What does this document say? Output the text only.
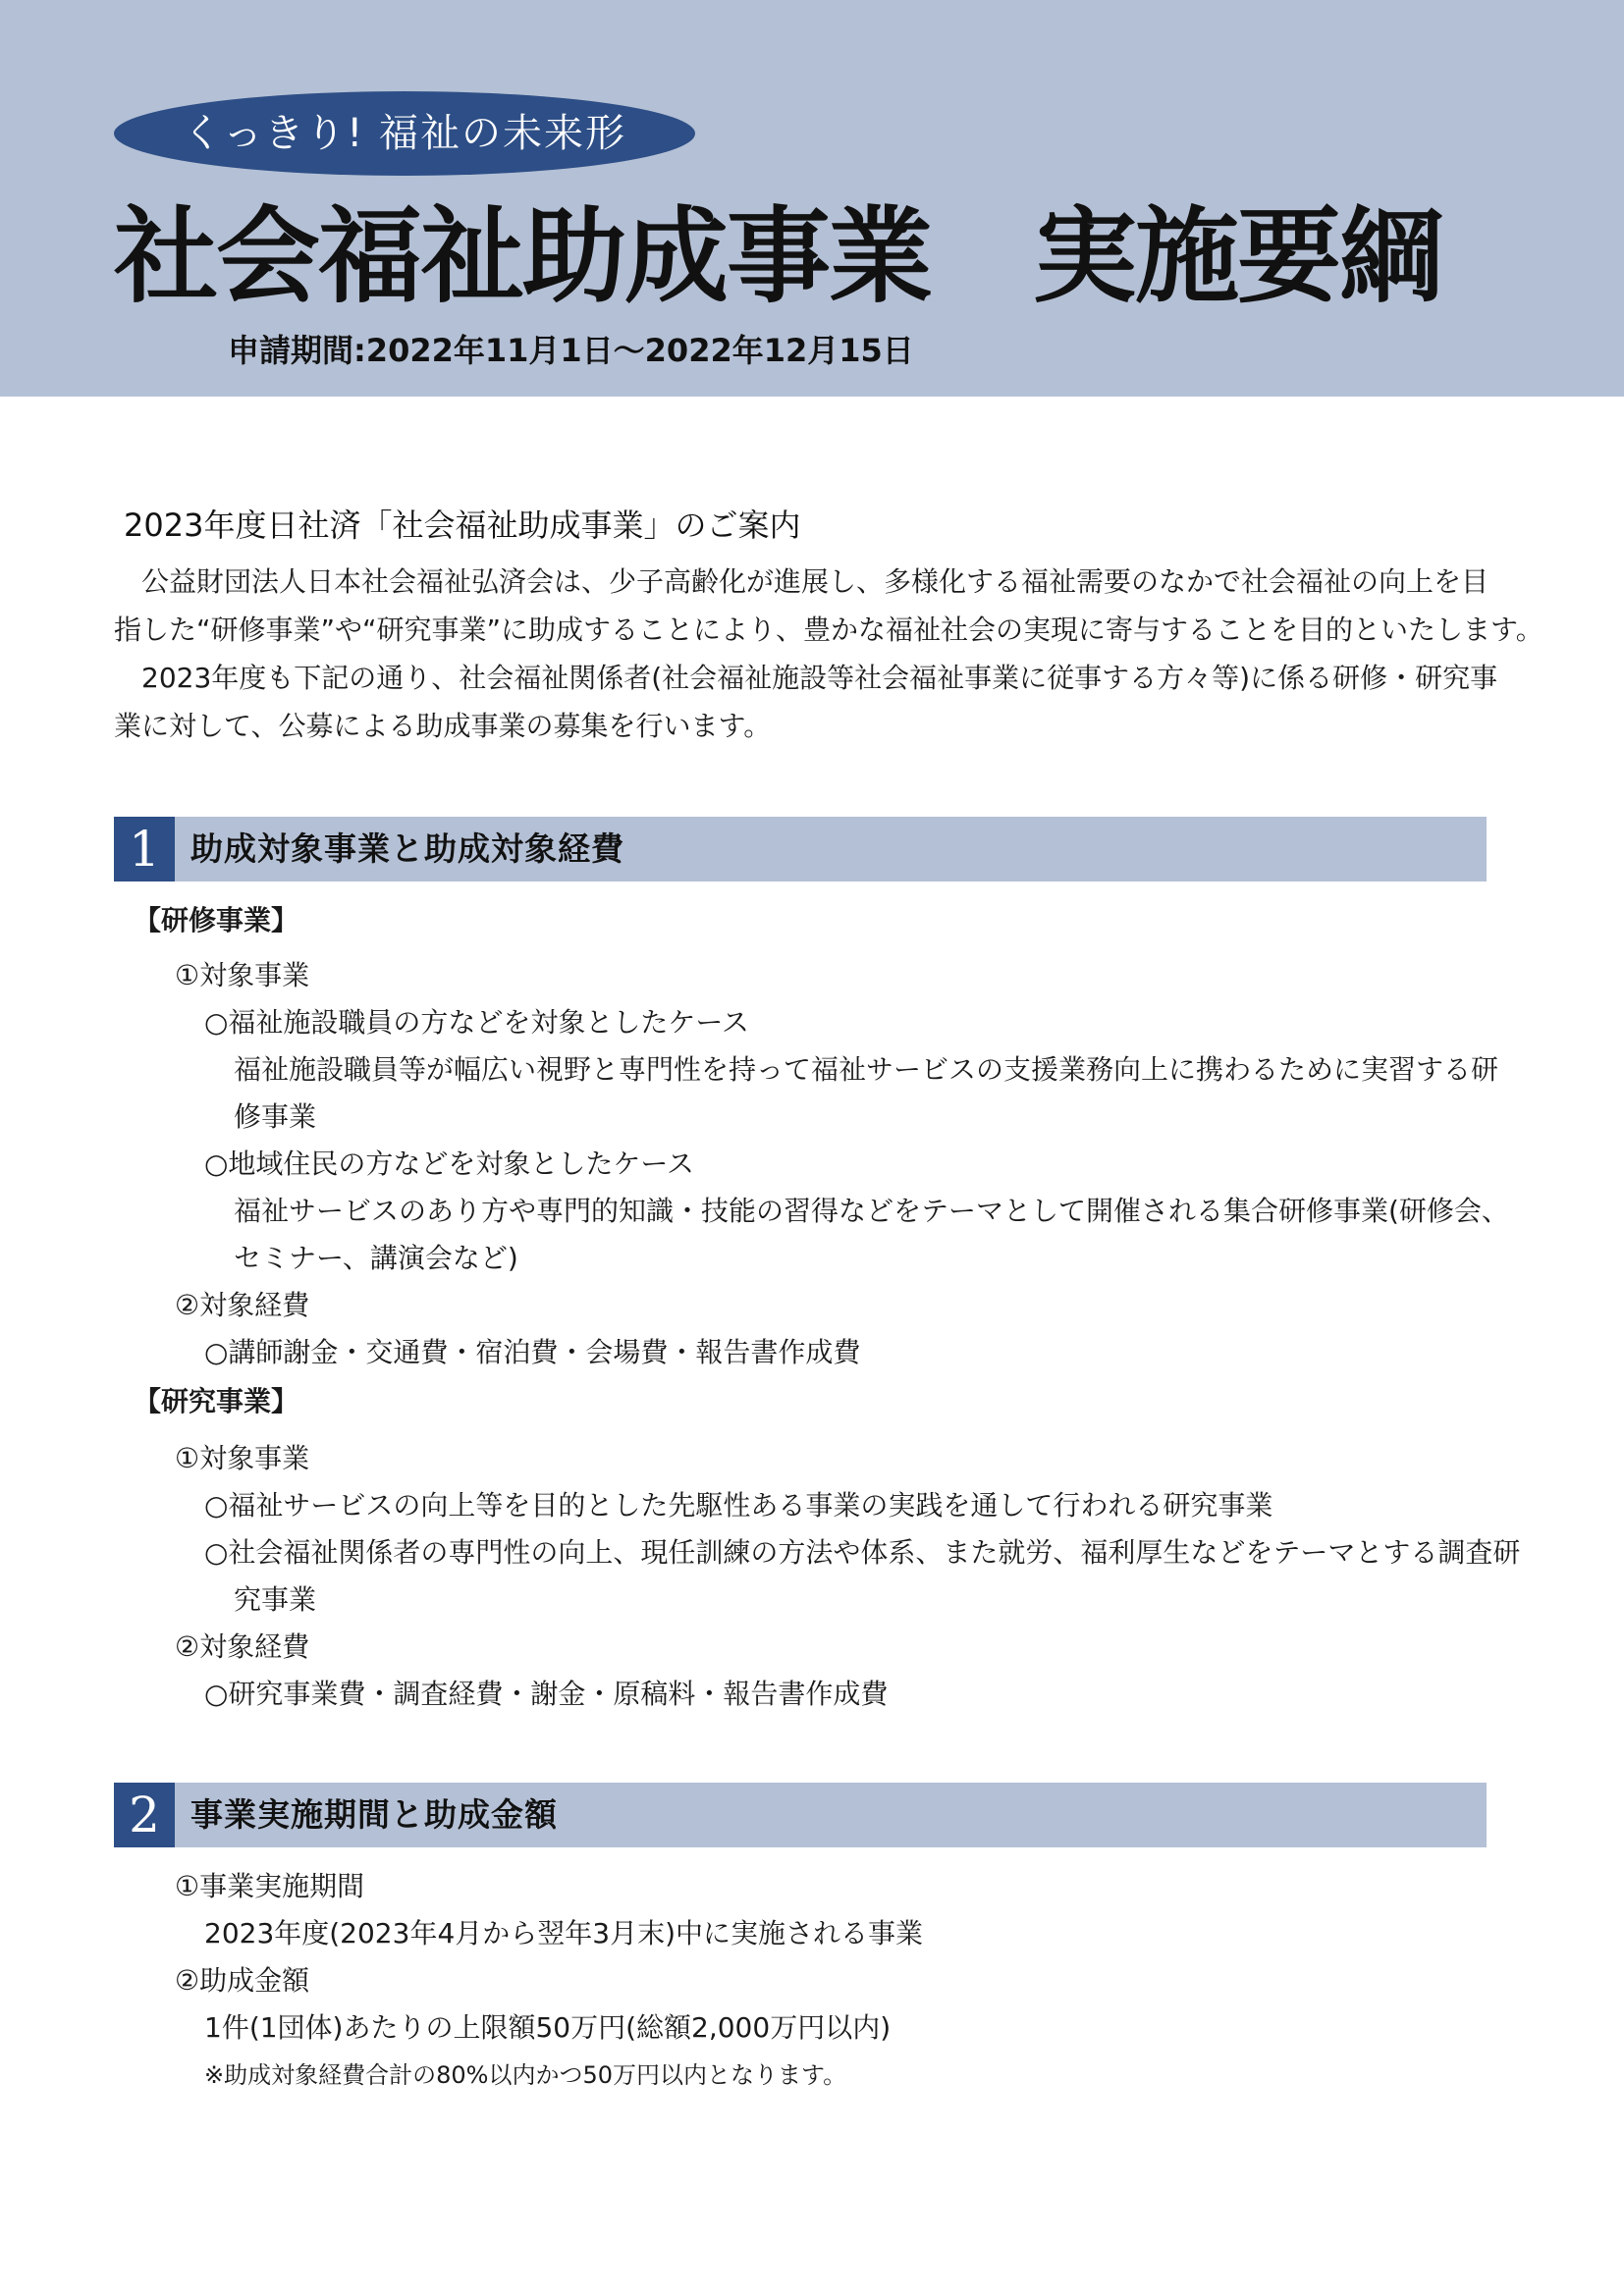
くっきり! 福祉の未来形
社会福祉助成事業　実施要綱
申請期間:2022年11月1日〜2022年12月15日
2023年度日社済「社会福祉助成事業」のご案内
　公益財団法人日本社会福祉弘済会は、少子高齢化が進展し、多様化する福祉需要のなかで社会福祉の向上を目
指した“研修事業”や“研究事業”に助成することにより、豊かな福祉社会の実現に寄与することを目的といたします。
　2023年度も下記の通り、社会福祉関係者(社会福祉施設等社会福祉事業に従事する方々等)に係る研修・研究事
業に対して、公募による助成事業の募集を行います。
1 助成対象事業と助成対象経費
【研修事業】
①対象事業
○福祉施設職員の方などを対象としたケース
福祉施設職員等が幅広い視野と専門性を持って福祉サービスの支援業務向上に携わるために実習する研
修事業
○地域住民の方などを対象としたケース
福祉サービスのあり方や専門的知識・技能の習得などをテーマとして開催される集合研修事業(研修会、
セミナー、講演会など)
②対象経費
○講師謝金・交通費・宿泊費・会場費・報告書作成費
【研究事業】
①対象事業
○福祉サービスの向上等を目的とした先駆性ある事業の実践を通して行われる研究事業
○社会福祉関係者の専門性の向上、現任訓練の方法や体系、また就労、福利厚生などをテーマとする調査研
究事業
②対象経費
○研究事業費・調査経費・謝金・原稿料・報告書作成費
2 事業実施期間と助成金額
①事業実施期間
2023年度(2023年4月から翌年3月末)中に実施される事業
②助成金額
1件(1団体)あたりの上限額50万円(総額2,000万円以内)
※助成対象経費合計の80%以内かつ50万円以内となります。
